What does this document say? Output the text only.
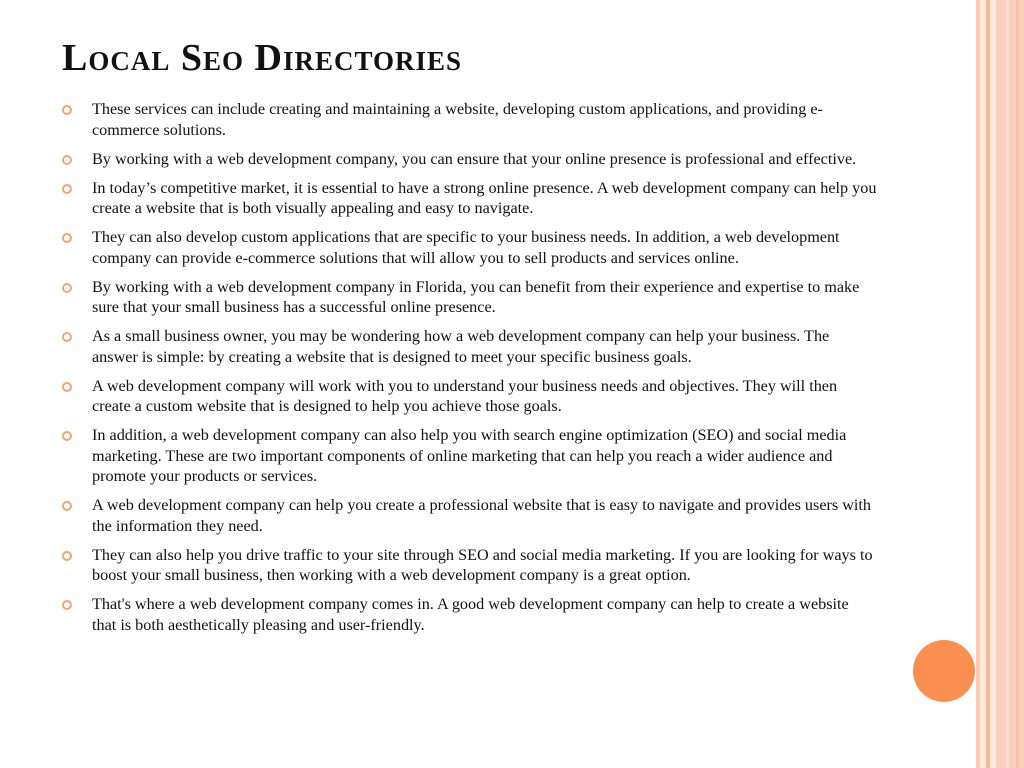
Local Seo Directories
These services can include creating and maintaining a website, developing custom applications, and providing e-commerce solutions.
By working with a web development company, you can ensure that your online presence is professional and effective.
In today’s competitive market, it is essential to have a strong online presence. A web development company can help you create a website that is both visually appealing and easy to navigate.
They can also develop custom applications that are specific to your business needs. In addition, a web development company can provide e-commerce solutions that will allow you to sell products and services online.
By working with a web development company in Florida, you can benefit from their experience and expertise to make sure that your small business has a successful online presence.
As a small business owner, you may be wondering how a web development company can help your business. The answer is simple: by creating a website that is designed to meet your specific business goals.
A web development company will work with you to understand your business needs and objectives. They will then create a custom website that is designed to help you achieve those goals.
In addition, a web development company can also help you with search engine optimization (SEO) and social media marketing. These are two important components of online marketing that can help you reach a wider audience and promote your products or services.
A web development company can help you create a professional website that is easy to navigate and provides users with the information they need.
They can also help you drive traffic to your site through SEO and social media marketing. If you are looking for ways to boost your small business, then working with a web development company is a great option.
That's where a web development company comes in. A good web development company can help to create a website that is both aesthetically pleasing and user-friendly.
